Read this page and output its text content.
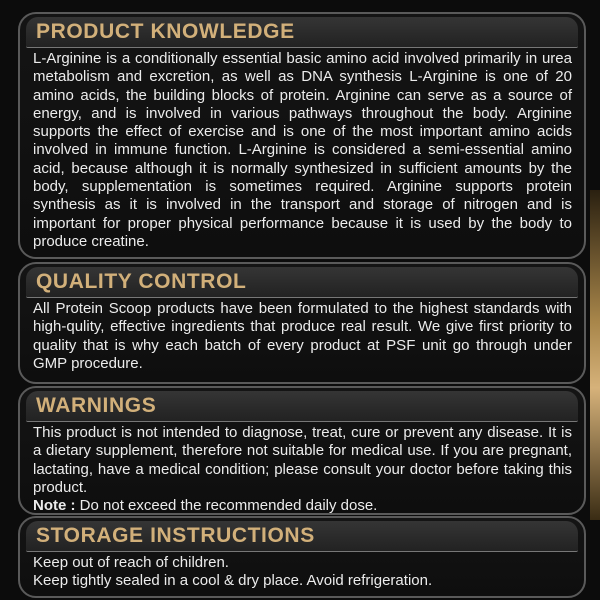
PRODUCT KNOWLEDGE

L-Arginine is a conditionally essential basic amino acid involved primarily in urea metabolism and excretion, as well as DNA synthesis L-Arginine is one of 20 amino acids, the building blocks of protein. Arginine can serve as a source of energy, and is involved in various pathways throughout the body. Arginine supports the effect of exercise and is one of the most important amino acids involved in immune function. L-Arginine is considered a semi-essential amino acid, because although it is normally synthesized in sufficient amounts by the body, supplementation is sometimes required. Arginine supports protein synthesis as it is involved in the transport and storage of nitrogen and is important for proper physical performance because it is used by the body to produce creatine.

QUALITY CONTROL

All Protein Scoop products have been formulated to the highest standards with high-qulity, effective ingredients that produce real result. We give first priority to quality that is why each batch of every product at PSF unit go through under GMP procedure.

WARNINGS

This product is not intended to diagnose, treat, cure or prevent any disease. It is a dietary supplement, therefore not suitable for medical use. If you are pregnant, lactating, have a medical condition; please consult your doctor before taking this product.

Note : Do not exceed the recommended daily dose.

STORAGE INSTRUCTIONS

Keep out of reach of children.

Keep tightly sealed in a cool & dry place. Avoid refrigeration.
